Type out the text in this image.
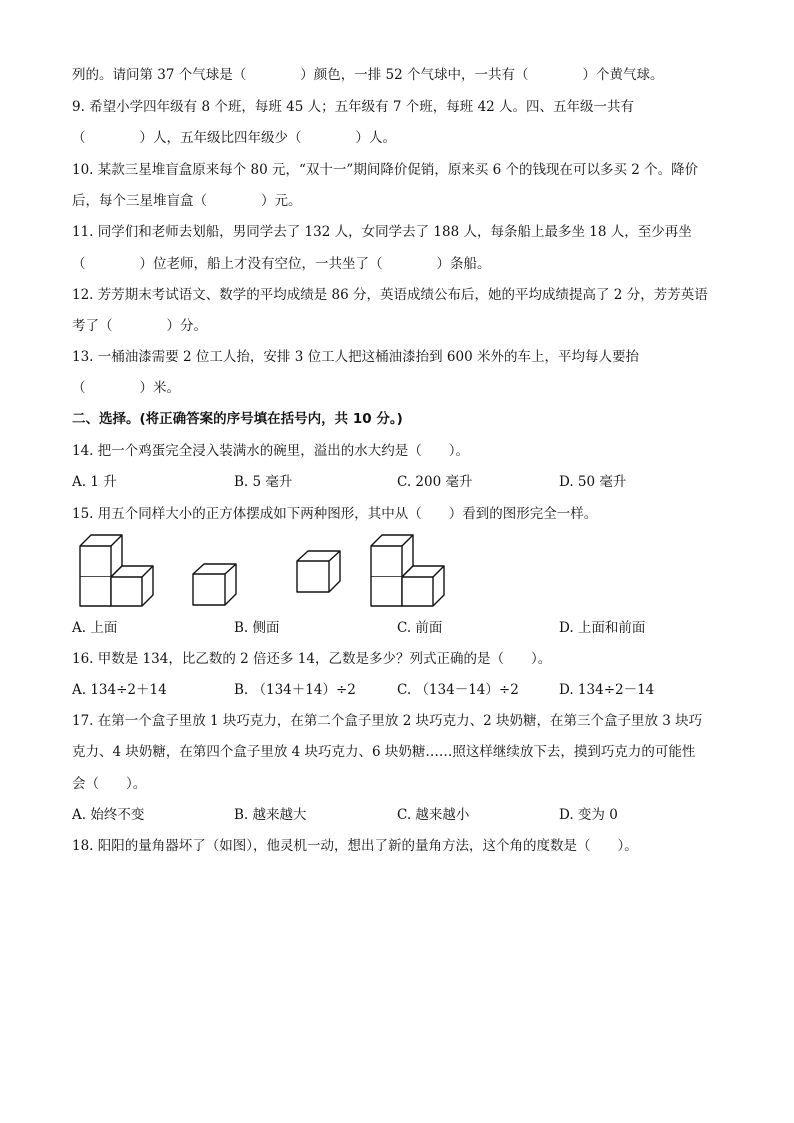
列的。请问第 37 个气球是（　　　　）颜色，一排 52 个气球中，一共有（　　　　）个黄气球。
9. 希望小学四年级有 8 个班，每班 45 人；五年级有 7 个班，每班 42 人。四、五年级一共有
（　　　　）人，五年级比四年级少（　　　　）人。
10. 某款三星堆盲盒原来每个 80 元，“双十一”期间降价促销，原来买 6 个的钱现在可以多买 2 个。降价
后，每个三星堆盲盒（　　　　）元。
11. 同学们和老师去划船，男同学去了 132 人，女同学去了 188 人，每条船上最多坐 18 人，至少再坐
（　　　　）位老师，船上才没有空位，一共坐了（　　　　）条船。
12. 芳芳期末考试语文、数学的平均成绩是 86 分，英语成绩公布后，她的平均成绩提高了 2 分，芳芳英语
考了（　　　　）分。
13. 一桶油漆需要 2 位工人抬，安排 3 位工人把这桶油漆抬到 600 米外的车上，平均每人要抬
（　　　　）米。
二、选择。(将正确答案的序号填在括号内，共 10 分。)
14. 把一个鸡蛋完全浸入装满水的碗里，溢出的水大约是（　　）。
A. 1 升	B. 5 毫升	C. 200 毫升	D. 50 毫升
15. 用五个同样大小的正方体摆成如下两种图形，其中从（　　）看到的图形完全一样。
A. 上面	B. 侧面	C. 前面	D. 上面和前面
16. 甲数是 134，比乙数的 2 倍还多 14，乙数是多少？列式正确的是（　　）。
A. 134÷2＋14	B. （134＋14）÷2	C. （134－14）÷2	D. 134÷2－14
17. 在第一个盒子里放 1 块巧克力，在第二个盒子里放 2 块巧克力、2 块奶糖，在第三个盒子里放 3 块巧
克力、4 块奶糖，在第四个盒子里放 4 块巧克力、6 块奶糖……照这样继续放下去，摸到巧克力的可能性
会（　　）。
A. 始终不变	B. 越来越大	C. 越来越小	D. 变为 0
18. 阳阳的量角器坏了（如图），他灵机一动，想出了新的量角方法，这个角的度数是（　　）。
